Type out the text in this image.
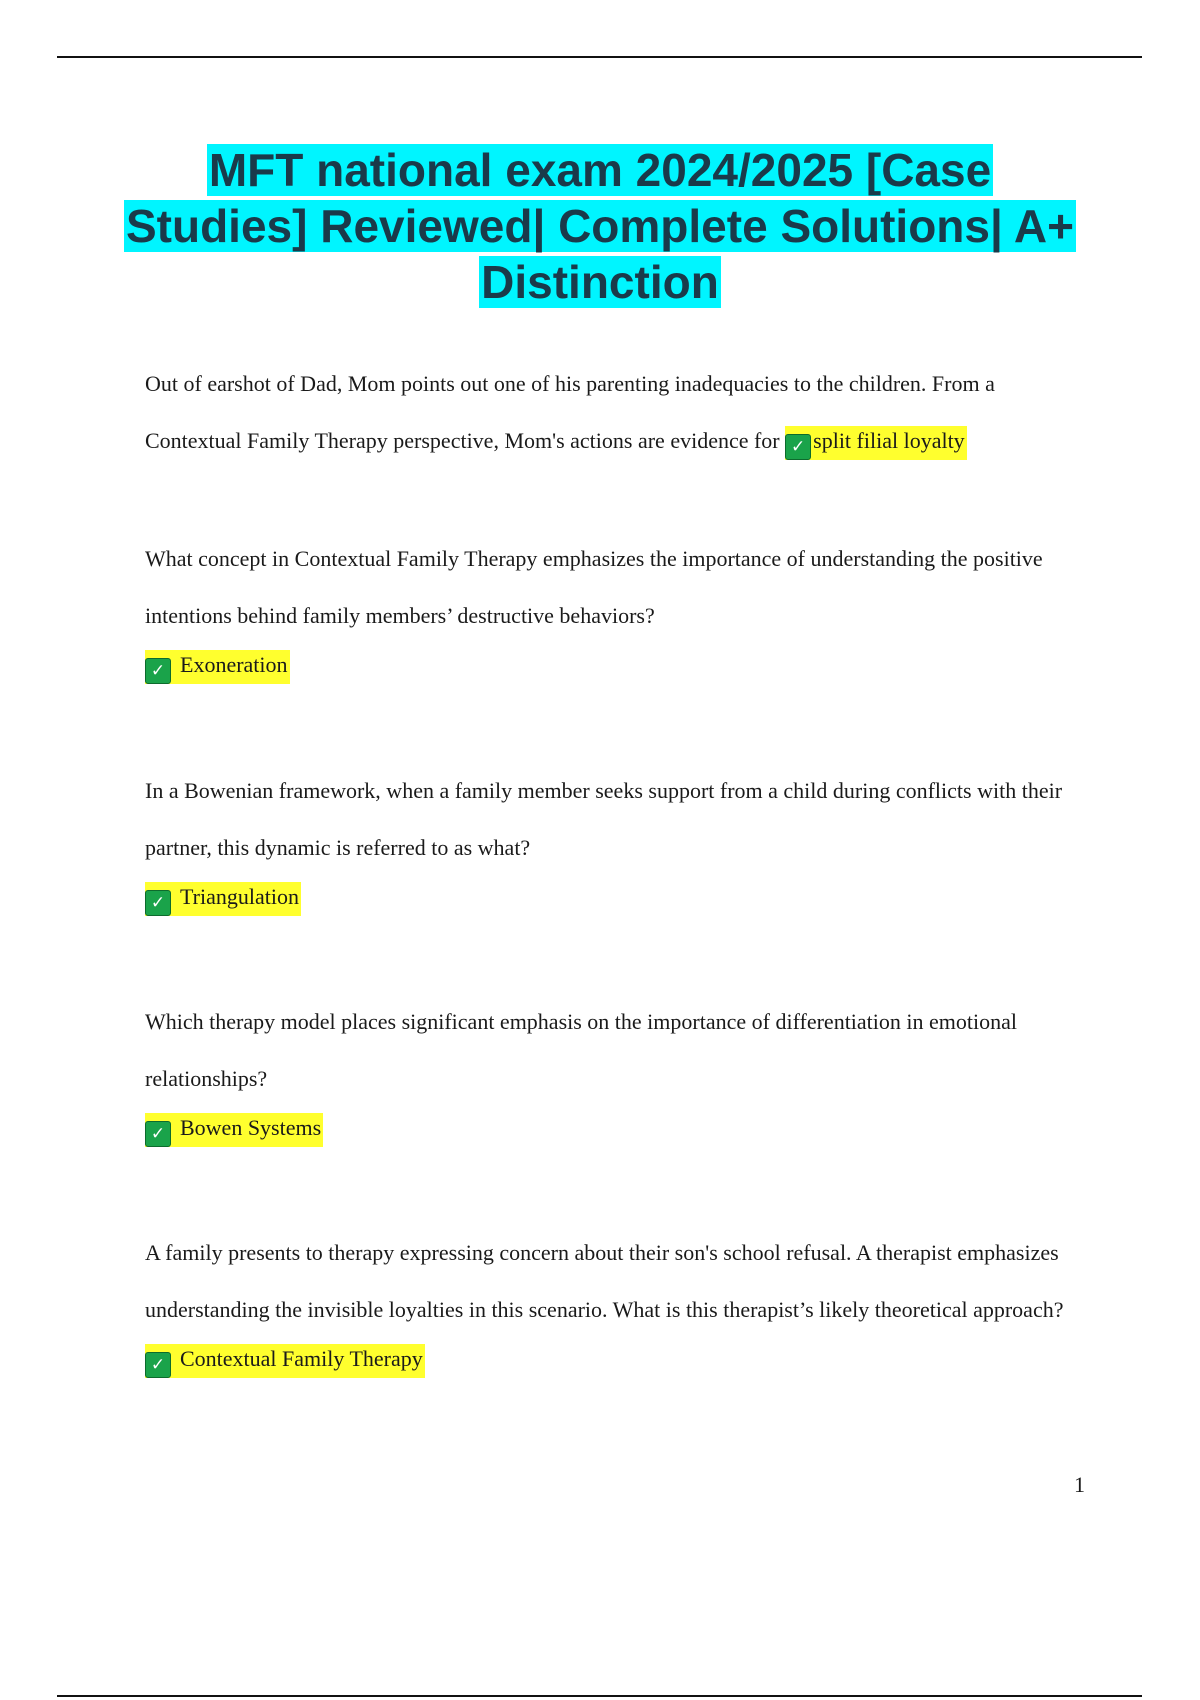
MFT national exam 2024/2025 [Case Studies] Reviewed| Complete Solutions| A+ Distinction

Out of earshot of Dad, Mom points out one of his parenting inadequacies to the children. From a Contextual Family Therapy perspective, Mom's actions are evidence for ✓ split filial loyalty

What concept in Contextual Family Therapy emphasizes the importance of understanding the positive intentions behind family members’ destructive behaviors?

✓ Exoneration

In a Bowenian framework, when a family member seeks support from a child during conflicts with their partner, this dynamic is referred to as what?

✓ Triangulation

Which therapy model places significant emphasis on the importance of differentiation in emotional relationships?

✓ Bowen Systems

A family presents to therapy expressing concern about their son's school refusal. A therapist emphasizes understanding the invisible loyalties in this scenario. What is this therapist’s likely theoretical approach?

✓ Contextual Family Therapy

1
